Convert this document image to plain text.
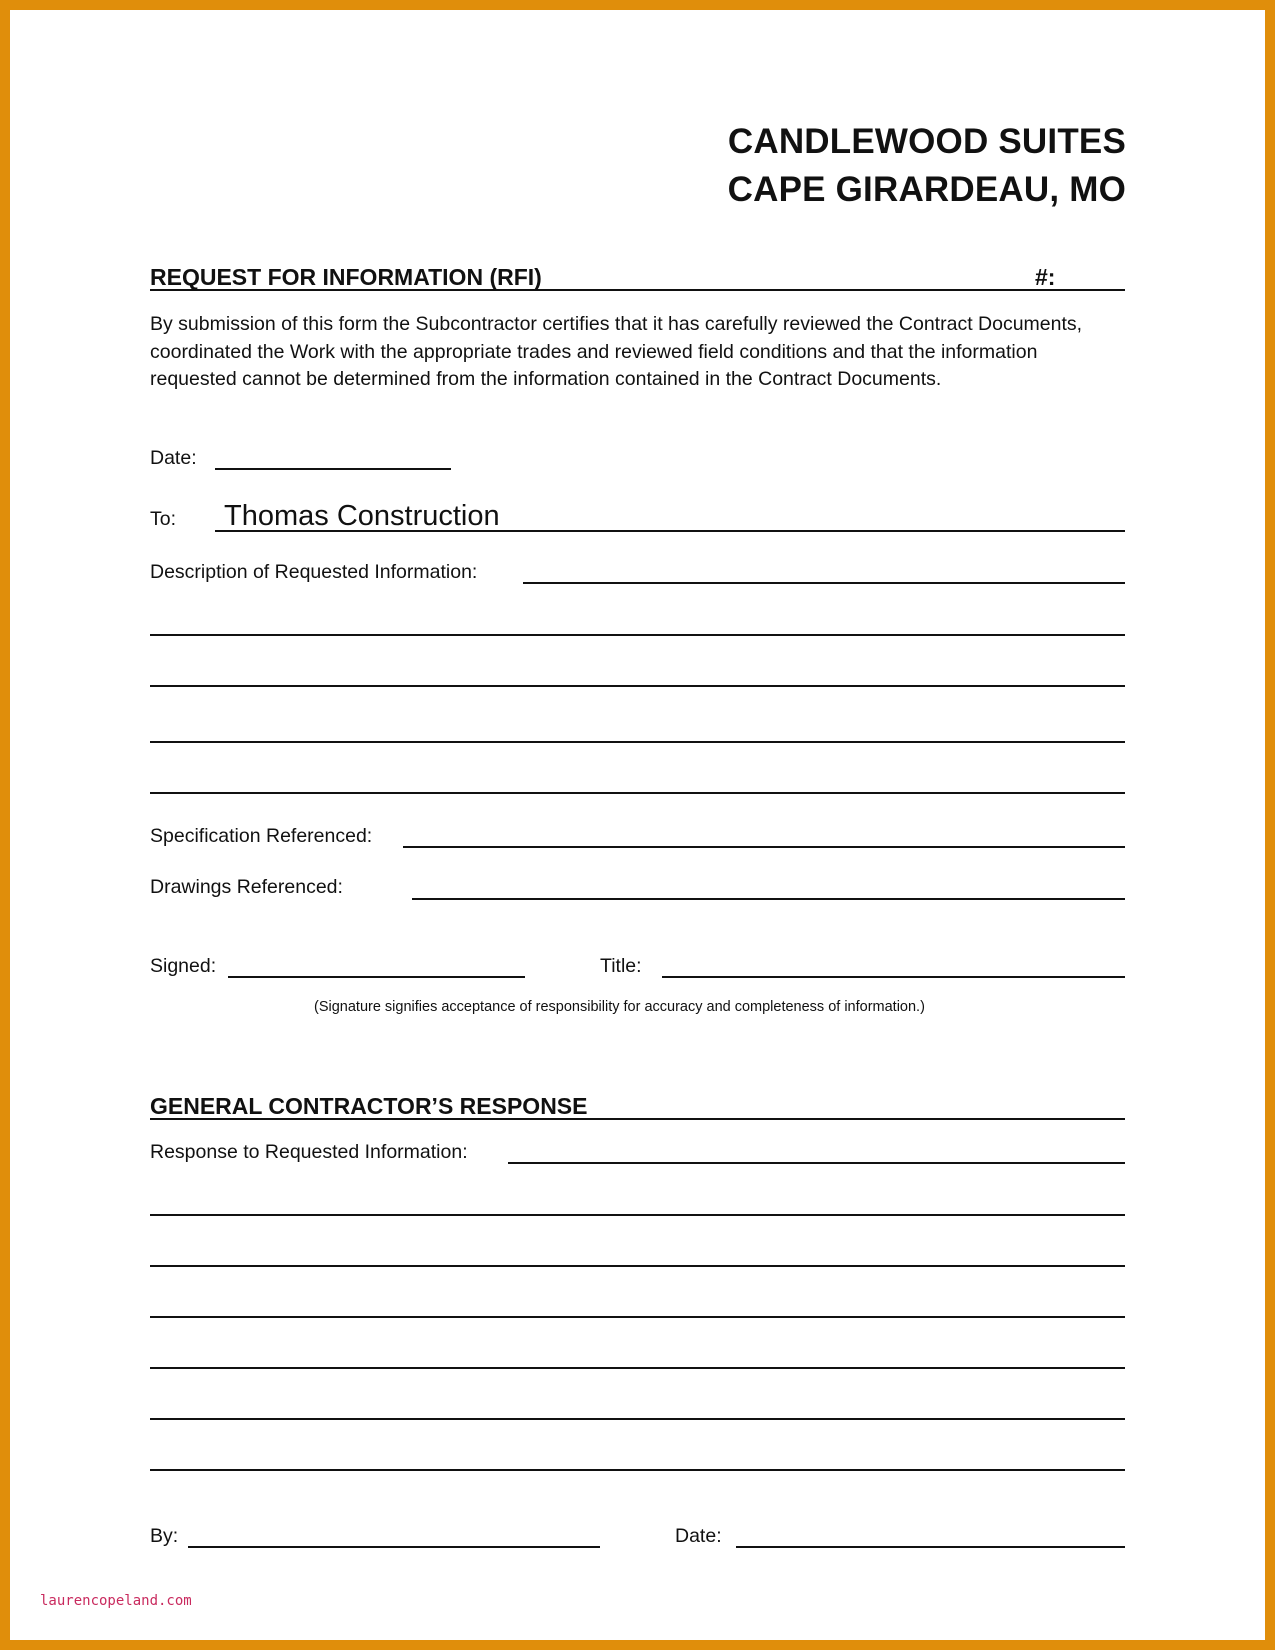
CANDLEWOOD SUITES
CAPE GIRARDEAU, MO
REQUEST FOR INFORMATION (RFI)	#:
By submission of this form the Subcontractor certifies that it has carefully reviewed the Contract Documents, coordinated the Work with the appropriate trades and reviewed field conditions and that the information requested cannot be determined from the information contained in the Contract Documents.
Date:
To: Thomas Construction
Description of Requested Information:
Specification Referenced:
Drawings Referenced:
Signed:	Title:
(Signature signifies acceptance of responsibility for accuracy and completeness of information.)
GENERAL CONTRACTOR’S RESPONSE
Response to Requested Information:
By:	Date:
laurencopeland.com
